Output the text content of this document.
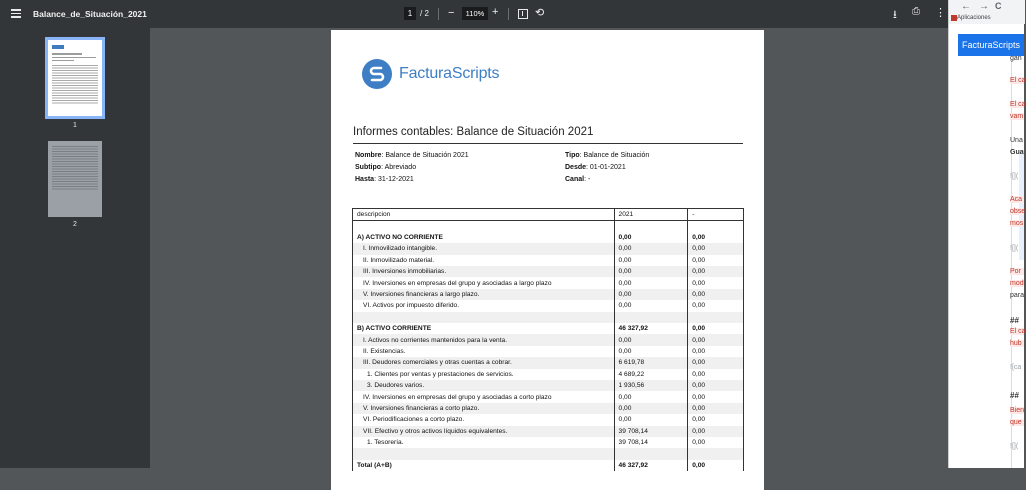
Balance_de_Situación_2021	1 / 2 −	110% +	⟲	⭳ ⎙ ⋮
1
2
FacturaScripts
Informes contables: Balance de Situación 2021
Nombre: Balance de Situación 2021
Subtipo: Abreviado
Hasta: 31-12-2021
Tipo: Balance de Situación
Desde: 01-01-2021
Canal: -
descripcion	2021	-

A) ACTIVO NO CORRIENTE	0,00	0,00
I. Inmovilizado intangible.	0,00	0,00
II. Inmovilizado material.	0,00	0,00
III. Inversiones inmobiliarias.	0,00	0,00
IV. Inversiones en empresas del grupo y asociadas a largo plazo	0,00	0,00
V. Inversiones financieras a largo plazo.	0,00	0,00
VI. Activos por impuesto diferido.	0,00	0,00

B) ACTIVO CORRIENTE	46 327,92	0,00
I. Activos no corrientes mantenidos para la venta.	0,00	0,00
II. Existencias.	0,00	0,00
III. Deudores comerciales y otras cuentas a cobrar.	6 619,78	0,00
1. Clientes por ventas y prestaciones de servicios.	4 689,22	0,00
3. Deudores varios.	1 930,56	0,00
IV. Inversiones en empresas del grupo y asociadas a corto plazo	0,00	0,00
V. Inversiones financieras a corto plazo.	0,00	0,00
VI. Periodificaciones a corto plazo.	0,00	0,00
VII. Efectivo y otros activos líquidos equivalentes.	39 708,14	0,00
1. Tesorería.	39 708,14	0,00

Total (A+B)	46 327,92	0,00
← → C
Aplicaciones
FacturaScripts
gan
El ca
El ca
vam
Una
Gua
![](
Aca
obse
mos
![](
Por
mod
para
##
El ca
hub
![ca
##
Bien
que
![](
